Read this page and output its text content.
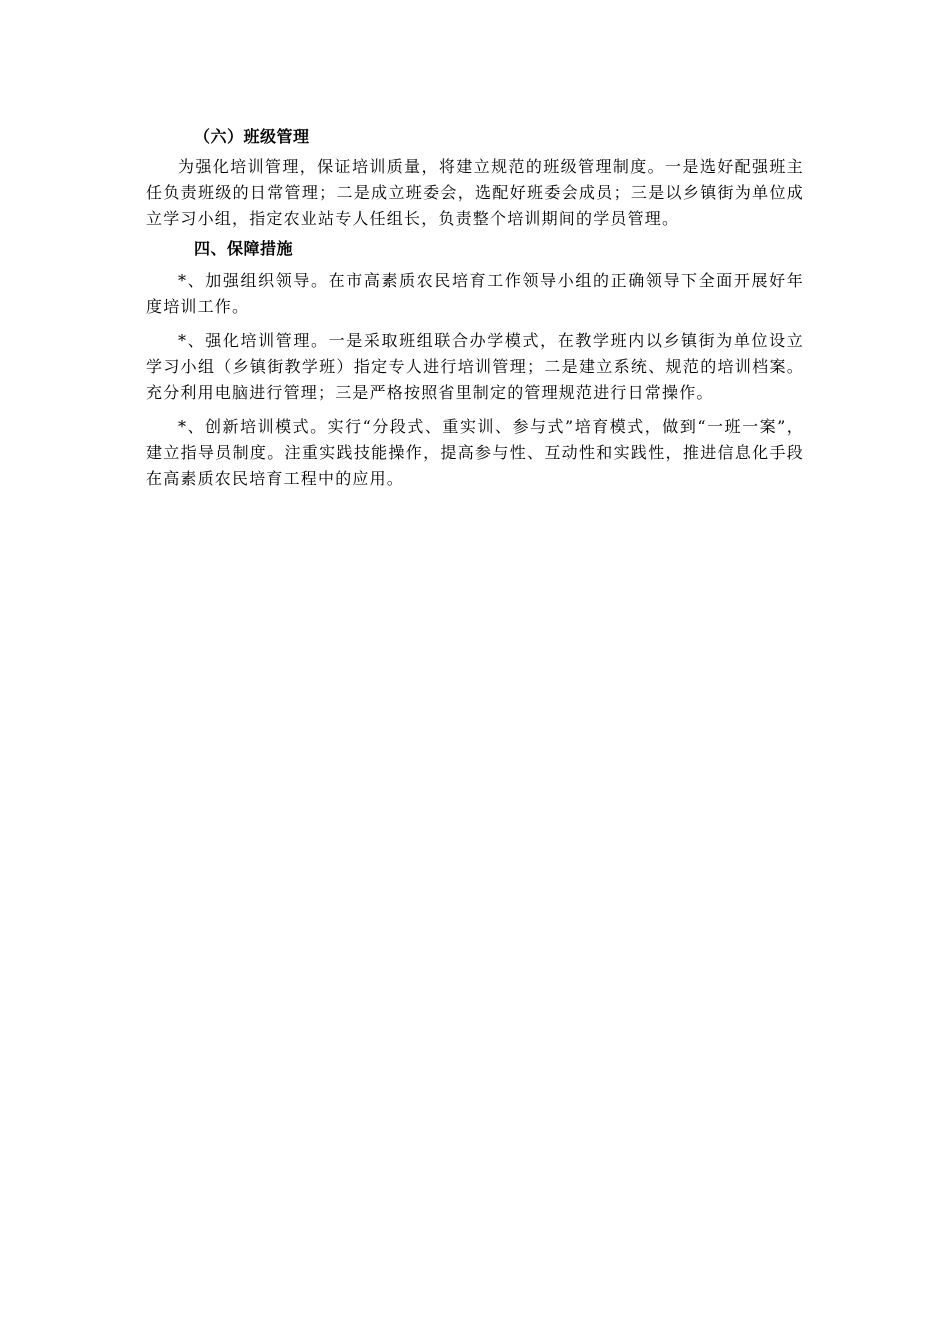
（六）班级管理

为强化培训管理，保证培训质量，将建立规范的班级管理制度。一是选好配强班主任负责班级的日常管理；二是成立班委会，选配好班委会成员；三是以乡镇街为单位成立学习小组，指定农业站专人任组长，负责整个培训期间的学员管理。

四、保障措施

*、加强组织领导。在市高素质农民培育工作领导小组的正确领导下全面开展好年度培训工作。

*、强化培训管理。一是采取班组联合办学模式，在教学班内以乡镇街为单位设立学习小组（乡镇街教学班）指定专人进行培训管理；二是建立系统、规范的培训档案。充分利用电脑进行管理；三是严格按照省里制定的管理规范进行日常操作。

*、创新培训模式。实行“分段式、重实训、参与式”培育模式，做到“一班一案”，建立指导员制度。注重实践技能操作，提高参与性、互动性和实践性，推进信息化手段在高素质农民培育工程中的应用。
